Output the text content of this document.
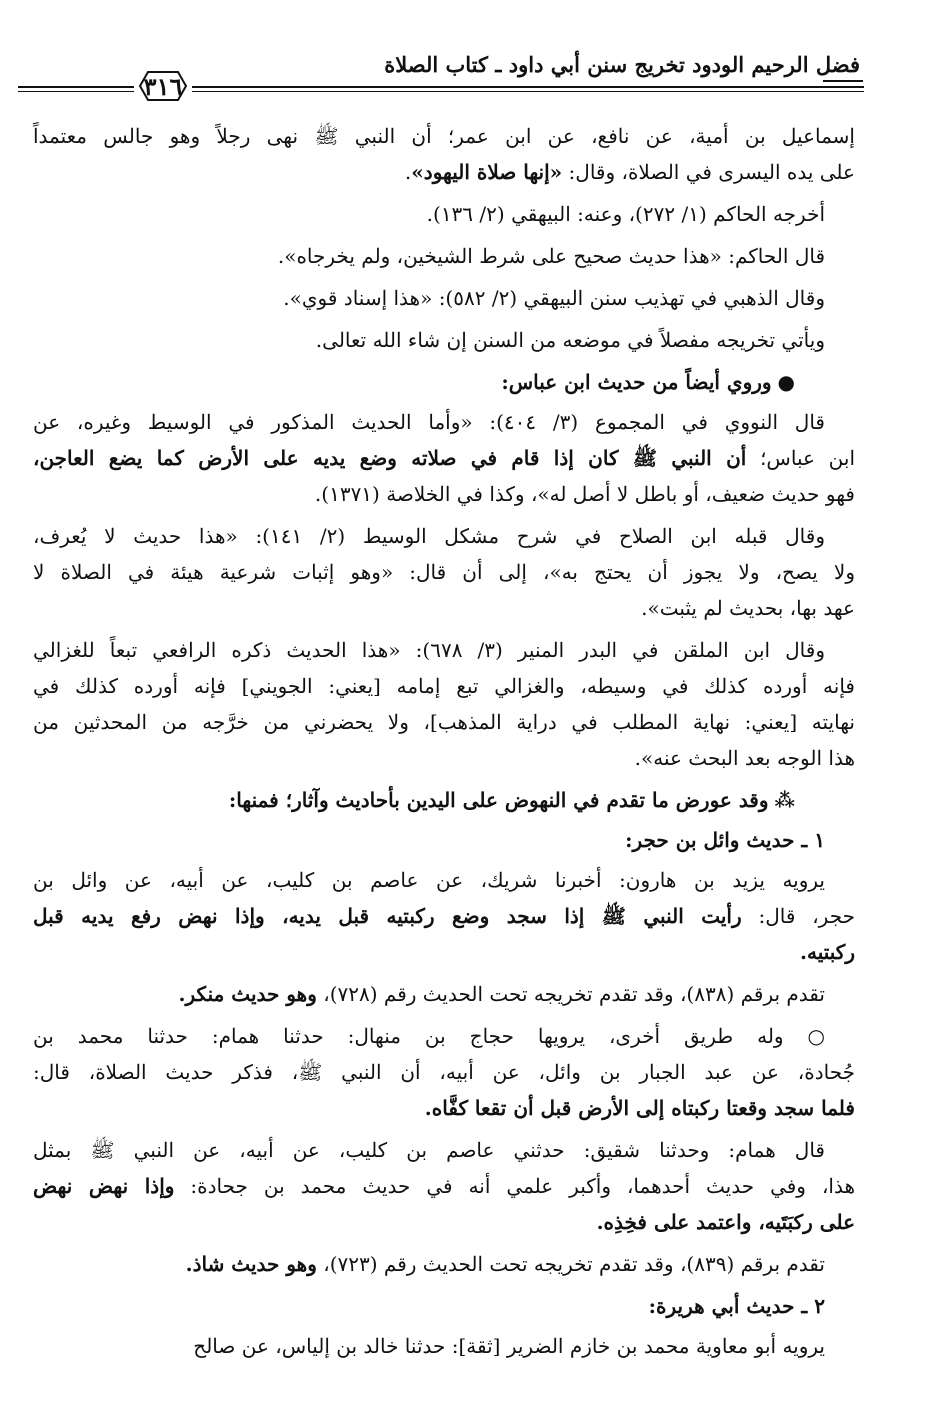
فضل الرحيم الودود تخريج سنن أبي داود ـ كتاب الصلاة
٣١٦
إسماعيل بن أمية، عن نافع، عن ابن عمر؛ أن النبي ﷺ نهى رجلاً وهو جالس معتمداً
على يده اليسرى في الصلاة، وقال: «إنها صلاة اليهود».
أخرجه الحاكم (١/ ٢٧٢)، وعنه: البيهقي (٢/ ١٣٦).
قال الحاكم: «هذا حديث صحيح على شرط الشيخين، ولم يخرجاه».
وقال الذهبي في تهذيب سنن البيهقي (٢/ ٥٨٢): «هذا إسناد قوي».
ويأتي تخريجه مفصلاً في موضعه من السنن إن شاء الله تعالى.
●وروي أيضاً من حديث ابن عباس:
قال النووي في المجموع (٣/ ٤٠٤): «وأما الحديث المذكور في الوسيط وغيره، عن
ابن عباس؛ أن النبي ﷺ كان إذا قام في صلاته وضع يديه على الأرض كما يضع العاجن،
فهو حديث ضعيف، أو باطل لا أصل له»، وكذا في الخلاصة (١٣٧١).
وقال قبله ابن الصلاح في شرح مشكل الوسيط (٢/ ١٤١): «هذا حديث لا يُعرف،
ولا يصح، ولا يجوز أن يحتج به»، إلى أن قال: «وهو إثبات شرعية هيئة في الصلاة لا
عهد بها، بحديث لم يثبت».
وقال ابن الملقن في البدر المنير (٣/ ٦٧٨): «هذا الحديث ذكره الرافعي تبعاً للغزالي
فإنه أورده كذلك في وسيطه، والغزالي تبع إمامه [يعني: الجويني] فإنه أورده كذلك في
نهايته [يعني: نهاية المطلب في دراية المذهب]، ولا يحضرني من خرَّجه من المحدثين من
هذا الوجه بعد البحث عنه».
⁂وقد عورض ما تقدم في النهوض على اليدين بأحاديث وآثار؛ فمنها:
١ ـ حديث وائل بن حجر:
يرويه يزيد بن هارون: أخبرنا شريك، عن عاصم بن كليب، عن أبيه، عن وائل بن
حجر، قال: رأيت النبي ﷺ إذا سجد وضع ركبتيه قبل يديه، وإذا نهض رفع يديه قبل
ركبتيه.
تقدم برقم (٨٣٨)، وقد تقدم تخريجه تحت الحديث رقم (٧٢٨)، وهو حديث منكر.
○ وله طريق أخرى، يرويها حجاج بن منهال: حدثنا همام: حدثنا محمد بن
جُحادة، عن عبد الجبار بن وائل، عن أبيه، أن النبي ﷺ، فذكر حديث الصلاة، قال:
فلما سجد وقعتا ركبتاه إلى الأرض قبل أن تقعا كفَّاه.
قال همام: وحدثنا شقيق: حدثني عاصم بن كليب، عن أبيه، عن النبي ﷺ بمثل
هذا، وفي حديث أحدهما، وأكبر علمي أنه في حديث محمد بن جحادة: وإذا نهض نهض
على ركبَتَيه، واعتمد على فخِذِه.
تقدم برقم (٨٣٩)، وقد تقدم تخريجه تحت الحديث رقم (٧٢٣)، وهو حديث شاذ.
٢ ـ حديث أبي هريرة:
يرويه أبو معاوية محمد بن خازم الضرير [ثقة]: حدثنا خالد بن إلياس، عن صالح
